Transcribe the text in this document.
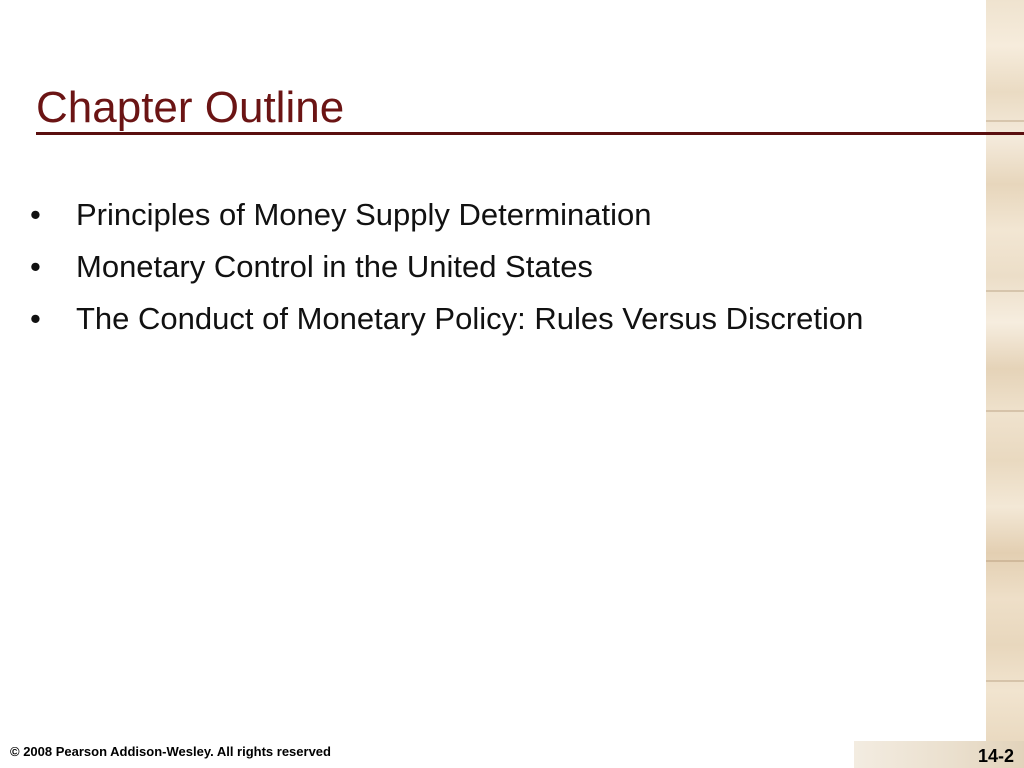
Chapter Outline
•	Principles of Money Supply Determination
•	Monetary Control in the United States
•	The Conduct of Monetary Policy: Rules Versus Discretion
© 2008 Pearson Addison-Wesley. All rights reserved	14-2
